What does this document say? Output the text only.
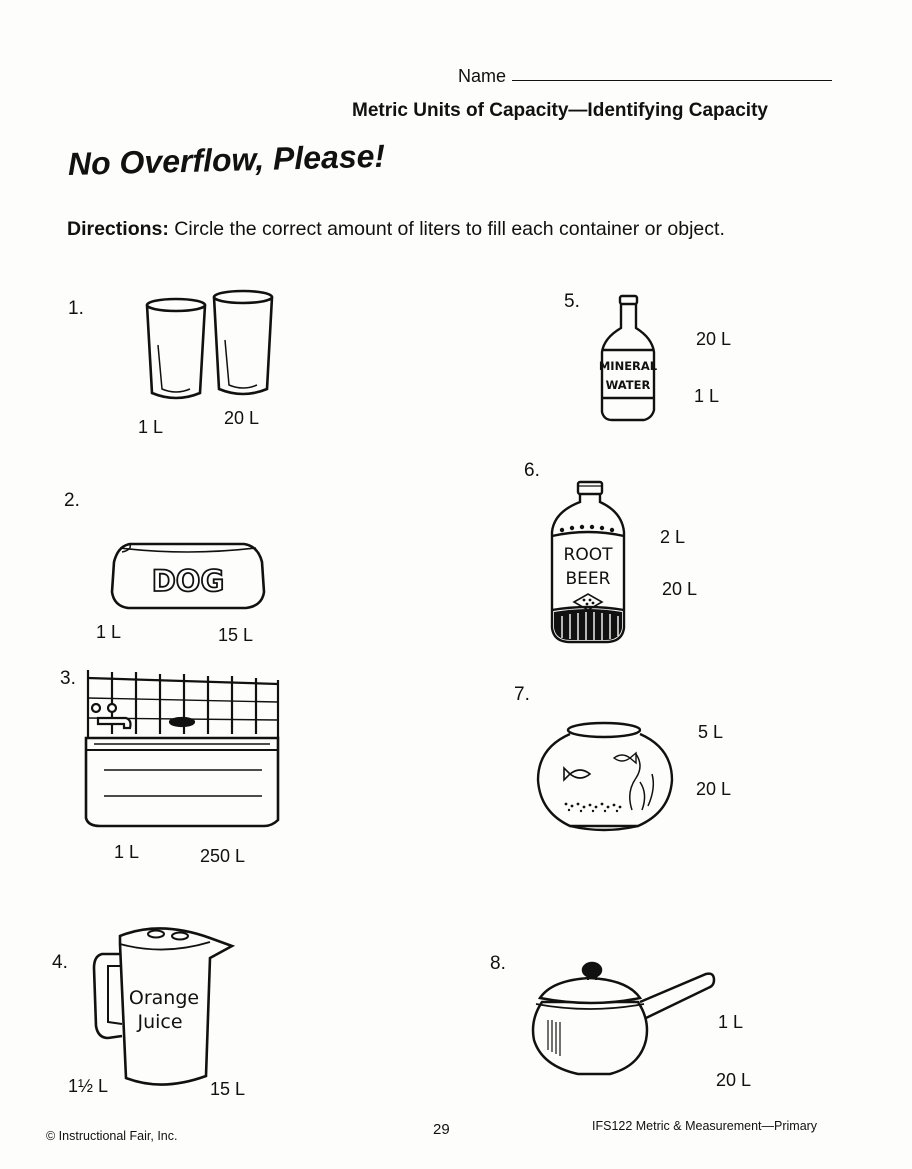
Name
Metric Units of Capacity—Identifying Capacity
No Overflow, Please!
Directions: Circle the correct amount of liters to fill each container or object.
1.
1 L	20 L
2.
DOG
1 L	15 L
3.
1 L	250 L
4.
Orange
Juice
1½ L	15 L
5.
MINERAL
WATER
20 L
1 L
6.
ROOT
BEER
2 L
20 L
7.
5 L
20 L
8.
1 L
20 L
© Instructional Fair, Inc.	29	IFS122 Metric & Measurement—Primary
